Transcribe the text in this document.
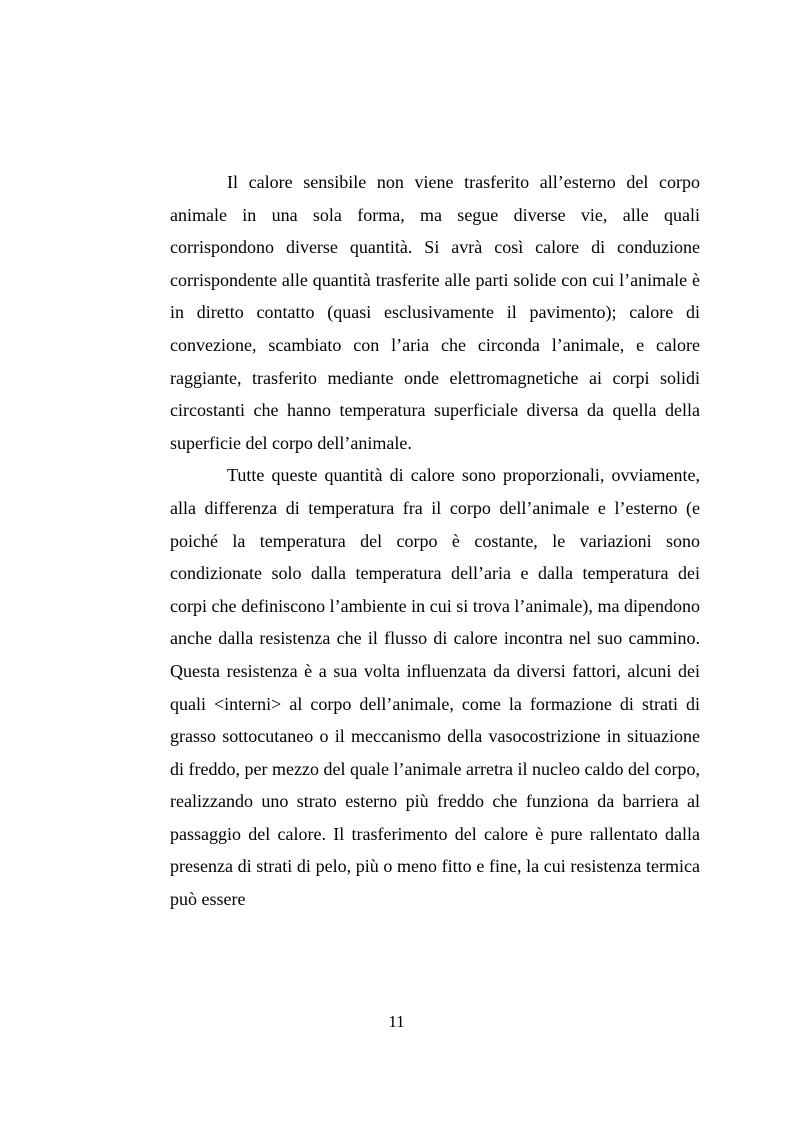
Il calore sensibile non viene trasferito all’esterno del corpo animale in una sola forma, ma segue diverse vie, alle quali corrispondono diverse quantità. Si avrà così calore di conduzione corrispondente alle quantità trasferite alle parti solide con cui l’animale è in diretto contatto (quasi esclusivamente il pavimento); calore di convezione, scambiato con l’aria che circonda l’animale, e calore raggiante, trasferito mediante onde elettromagnetiche ai corpi solidi circostanti che hanno temperatura superficiale diversa da quella della superficie del corpo dell’animale.

Tutte queste quantità di calore sono proporzionali, ovviamente, alla differenza di temperatura fra il corpo dell’animale e l’esterno (e poiché la temperatura del corpo è costante, le variazioni sono condizionate solo dalla temperatura dell’aria e dalla temperatura dei corpi che definiscono l’ambiente in cui si trova l’animale), ma dipendono anche dalla resistenza che il flusso di calore incontra nel suo cammino. Questa resistenza è a sua volta influenzata da diversi fattori, alcuni dei quali <interni> al corpo dell’animale, come la formazione di strati di grasso sottocutaneo o il meccanismo della vasocostrizione in situazione di freddo, per mezzo del quale l’animale arretra il nucleo caldo del corpo, realizzando uno strato esterno più freddo che funziona da barriera al passaggio del calore. Il trasferimento del calore è pure rallentato dalla presenza di strati di pelo, più o meno fitto e fine, la cui resistenza termica può essere

11
